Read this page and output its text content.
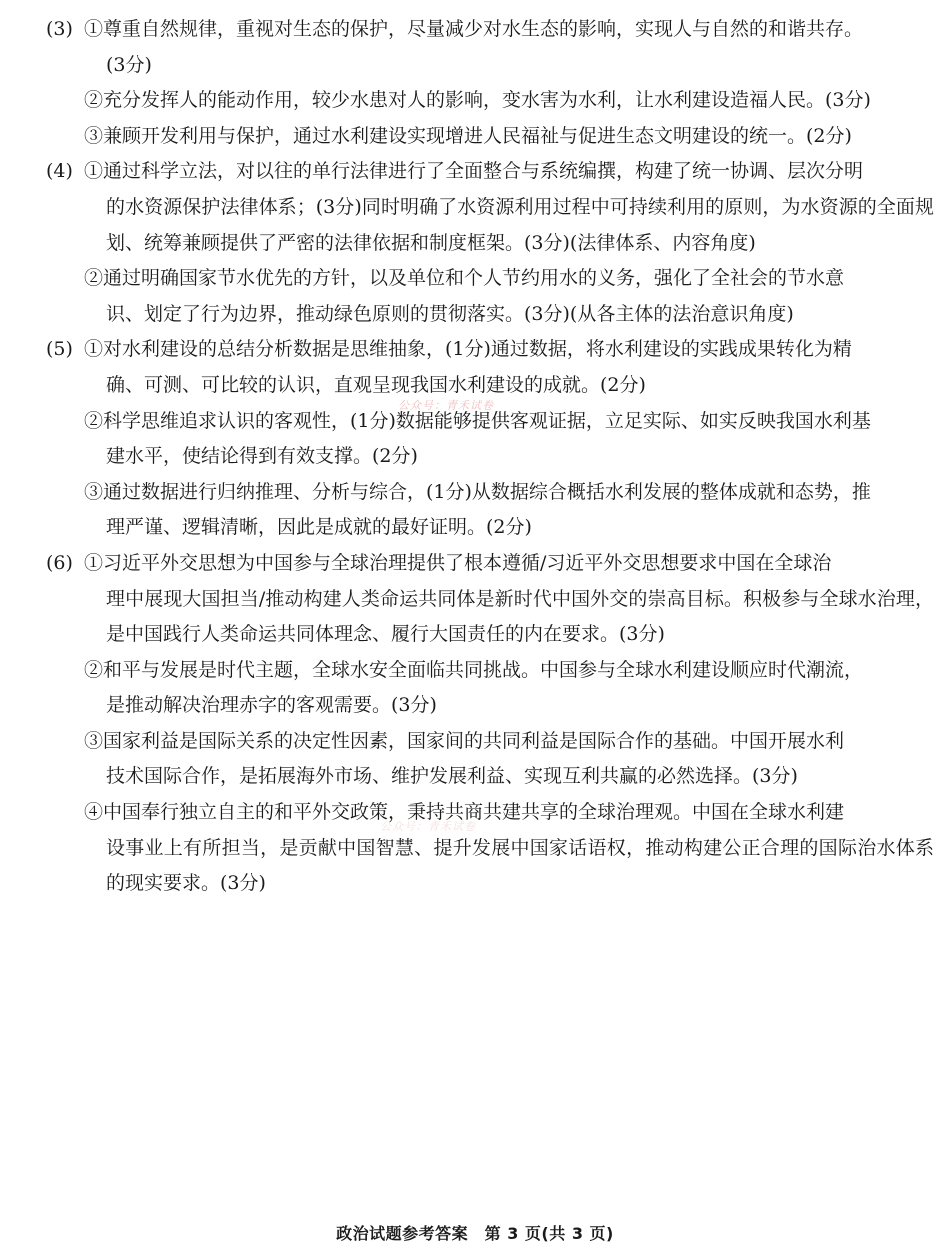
(3) ①尊重自然规律，重视对生态的保护，尽量减少对水生态的影响，实现人与自然的和谐共存。
(3分)
②充分发挥人的能动作用，较少水患对人的影响，变水害为水利，让水利建设造福人民。(3分)
③兼顾开发利用与保护，通过水利建设实现增进人民福祉与促进生态文明建设的统一。(2分)
(4) ①通过科学立法，对以往的单行法律进行了全面整合与系统编撰，构建了统一协调、层次分明
的水资源保护法律体系；(3分)同时明确了水资源利用过程中可持续利用的原则，为水资源的全面规划、统筹兼顾提供了严密的法律依据和制度框架。(3分)(法律体系、内容角度)
②通过明确国家节水优先的方针，以及单位和个人节约用水的义务，强化了全社会的节水意
识、划定了行为边界，推动绿色原则的贯彻落实。(3分)(从各主体的法治意识角度)
(5) ①对水利建设的总结分析数据是思维抽象，(1分)通过数据，将水利建设的实践成果转化为精
确、可测、可比较的认识，直观呈现我国水利建设的成就。(2分)
②科学思维追求认识的客观性，(1分)数据能够提供客观证据，立足实际、如实反映我国水利基
建水平，使结论得到有效支撑。(2分)
③通过数据进行归纳推理、分析与综合，(1分)从数据综合概括水利发展的整体成就和态势，推
理严谨、逻辑清晰，因此是成就的最好证明。(2分)
(6) ①习近平外交思想为中国参与全球治理提供了根本遵循/习近平外交思想要求中国在全球治
理中展现大国担当/推动构建人类命运共同体是新时代中国外交的崇高目标。积极参与全球水治理，是中国践行人类命运共同体理念、履行大国责任的内在要求。(3分)
②和平与发展是时代主题，全球水安全面临共同挑战。中国参与全球水利建设顺应时代潮流，
是推动解决治理赤字的客观需要。(3分)
③国家利益是国际关系的决定性因素，国家间的共同利益是国际合作的基础。中国开展水利
技术国际合作，是拓展海外市场、维护发展利益、实现互利共赢的必然选择。(3分)
④中国奉行独立自主的和平外交政策，秉持共商共建共享的全球治理观。中国在全球水利建
设事业上有所担当，是贡献中国智慧、提升发展中国家话语权，推动构建公正合理的国际治水体系的现实要求。(3分)
公众号：青禾试卷
公众号：青禾试卷
政治试题参考答案　第 3 页(共 3 页)
